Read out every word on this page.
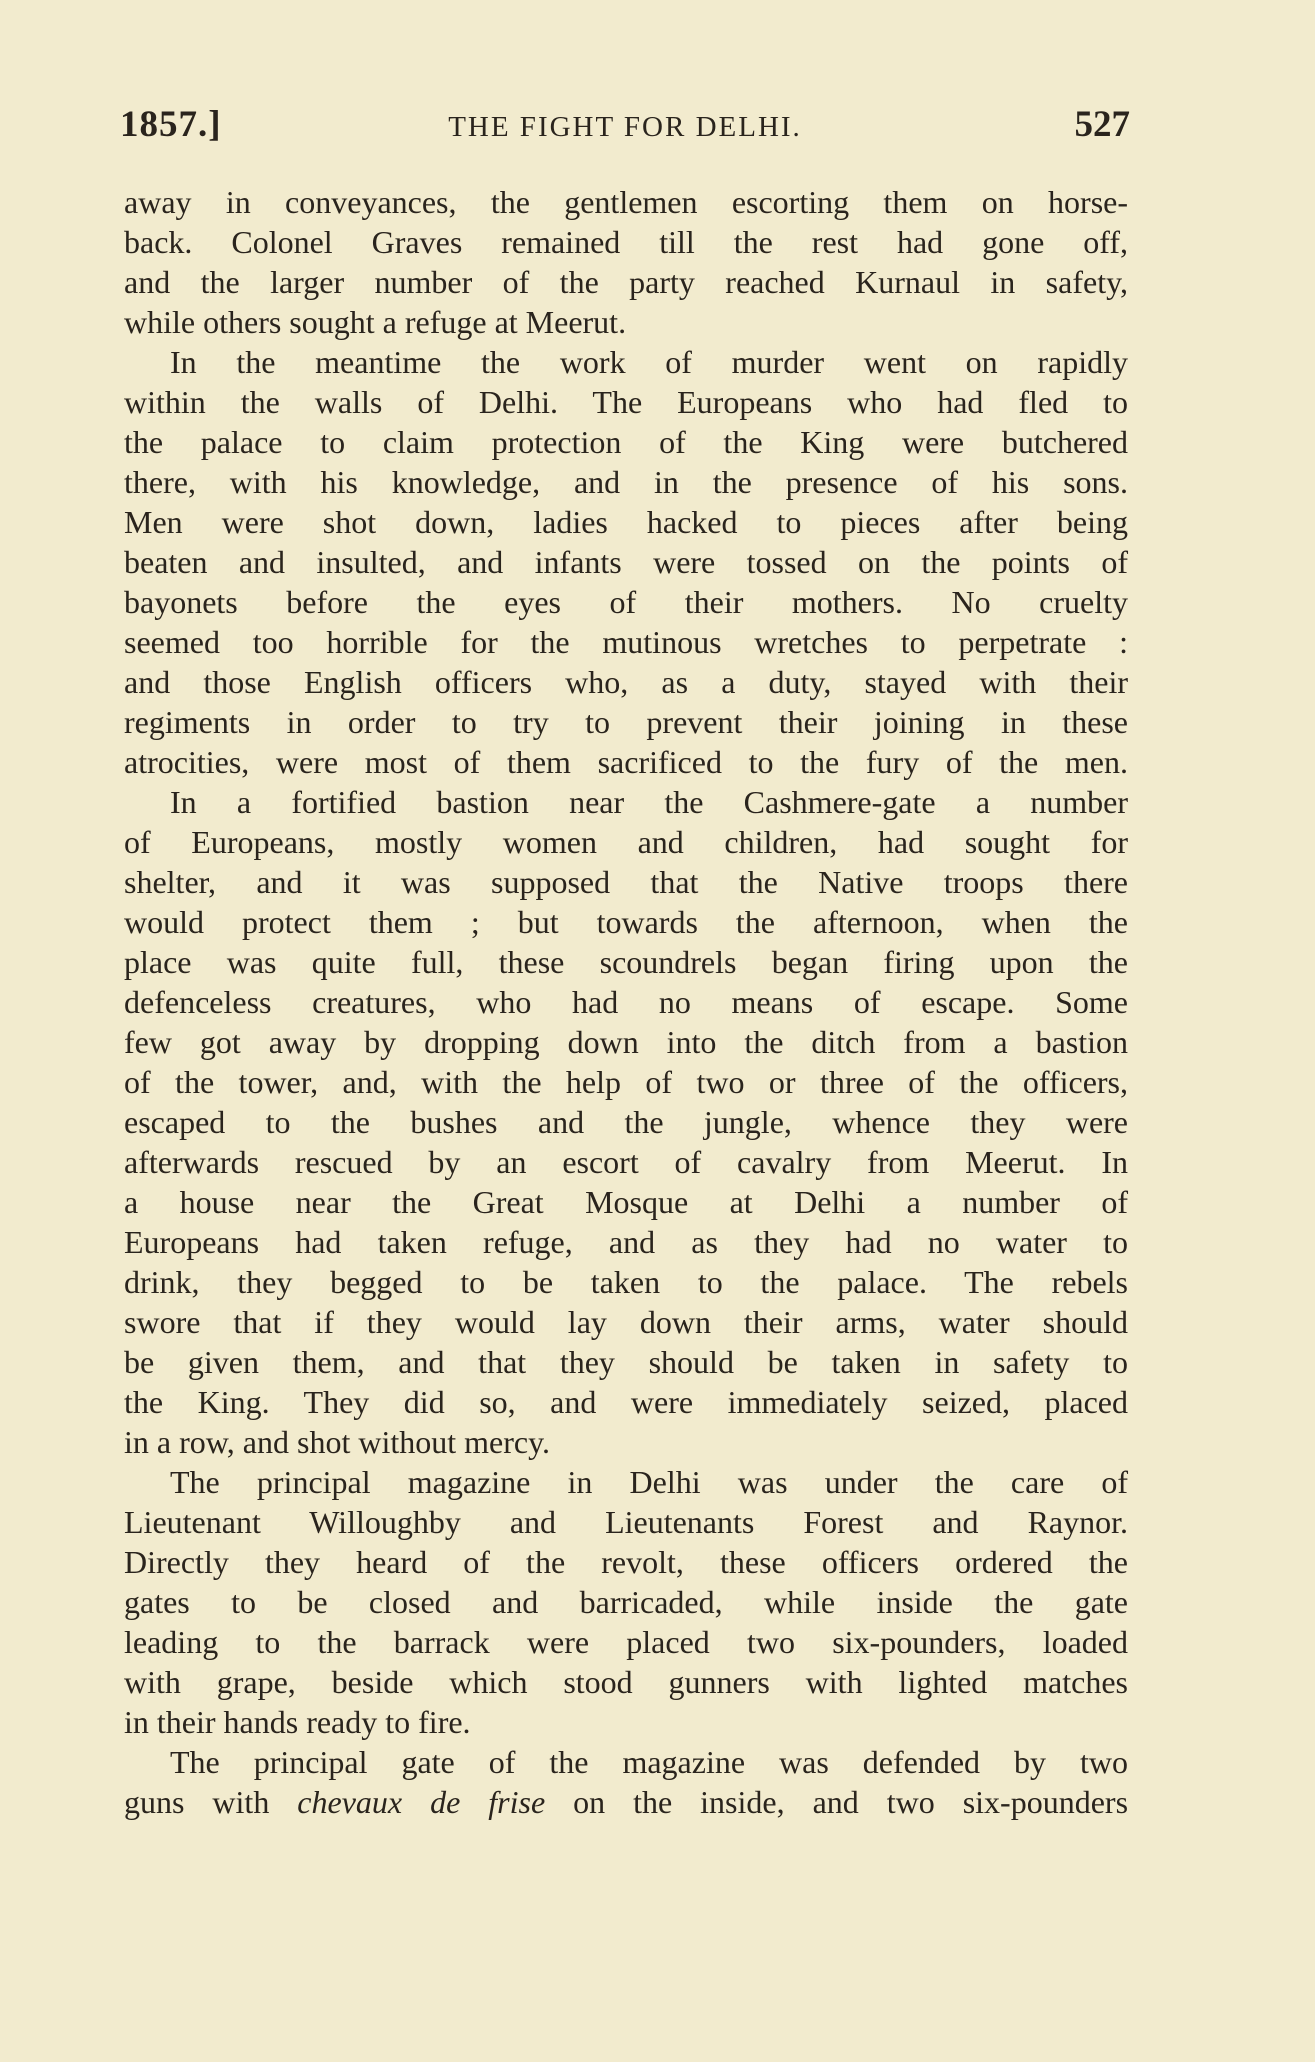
1857.]	THE FIGHT FOR DELHI.	527
away in conveyances, the gentlemen escorting them on horse-
back. Colonel Graves remained till the rest had gone off,
and the larger number of the party reached Kurnaul in safety,
while others sought a refuge at Meerut.
In the meantime the work of murder went on rapidly
within the walls of Delhi. The Europeans who had fled to
the palace to claim protection of the King were butchered
there, with his knowledge, and in the presence of his sons.
Men were shot down, ladies hacked to pieces after being
beaten and insulted, and infants were tossed on the points of
bayonets before the eyes of their mothers. No cruelty
seemed too horrible for the mutinous wretches to perpetrate :
and those English officers who, as a duty, stayed with their
regiments in order to try to prevent their joining in these
atrocities, were most of them sacrificed to the fury of the men.
In a fortified bastion near the Cashmere-gate a number
of Europeans, mostly women and children, had sought for
shelter, and it was supposed that the Native troops there
would protect them ; but towards the afternoon, when the
place was quite full, these scoundrels began firing upon the
defenceless creatures, who had no means of escape. Some
few got away by dropping down into the ditch from a bastion
of the tower, and, with the help of two or three of the officers,
escaped to the bushes and the jungle, whence they were
afterwards rescued by an escort of cavalry from Meerut. In
a house near the Great Mosque at Delhi a number of
Europeans had taken refuge, and as they had no water to
drink, they begged to be taken to the palace. The rebels
swore that if they would lay down their arms, water should
be given them, and that they should be taken in safety to
the King. They did so, and were immediately seized, placed
in a row, and shot without mercy.
The principal magazine in Delhi was under the care of
Lieutenant Willoughby and Lieutenants Forest and Raynor.
Directly they heard of the revolt, these officers ordered the
gates to be closed and barricaded, while inside the gate
leading to the barrack were placed two six-pounders, loaded
with grape, beside which stood gunners with lighted matches
in their hands ready to fire.
The principal gate of the magazine was defended by two
guns with chevaux de frise on the inside, and two six-pounders
